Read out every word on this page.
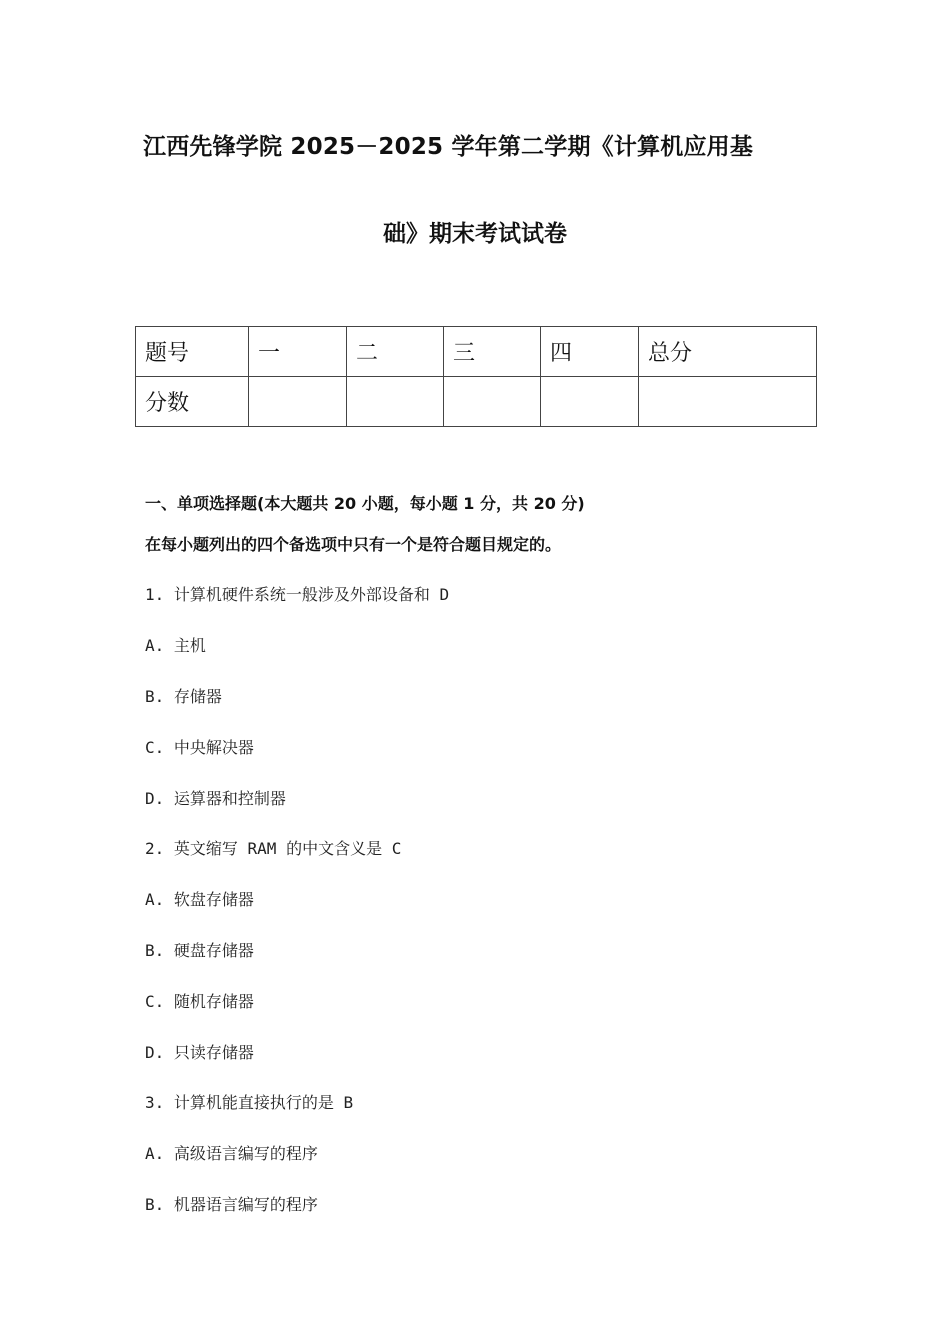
江西先锋学院 2025－2025 学年第二学期《计算机应用基
础》期末考试试卷
题号	一	二	三	四	总分
分数					
一、单项选择题(本大题共 20 小题，每小题 1 分，共 20 分)
在每小题列出的四个备选项中只有一个是符合题目规定的。
1. 计算机硬件系统一般涉及外部设备和 D
A. 主机
B. 存储器
C. 中央解决器
D. 运算器和控制器
2. 英文缩写 RAM 的中文含义是 C
A. 软盘存储器
B. 硬盘存储器
C. 随机存储器
D. 只读存储器
3. 计算机能直接执行的是 B
A. 高级语言编写的程序
B. 机器语言编写的程序
